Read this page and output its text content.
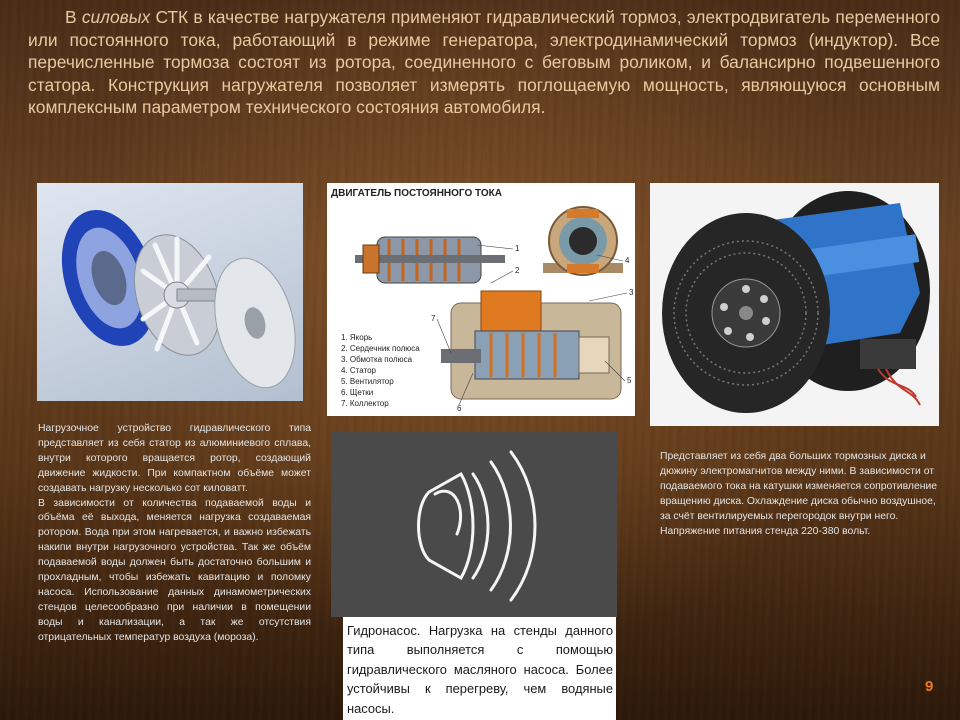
В силовых СТК в качестве нагружателя применяют гидравлический тормоз, электродвигатель переменного или постоянного тока, работающий в режиме генератора, электродинамический тормоз (индуктор). Все перечисленные тормоза состоят из ротора, соединенного с беговым роликом, и балансирно подвешенного статора. Конструкция нагружателя позволяет измерять поглощаемую мощность, являющуюся основным комплексным параметром технического состояния автомобиля.

ДВИГАТЕЛЬ ПОСТОЯННОГО ТОКА
1. Якорь
2. Сердечник полюса
3. Обмотка полюса
4. Статор
5. Вентилятор
6. Щетки
7. Коллектор
1
2
3
4
5
6
7

Нагрузочное устройство гидравлического типа представляет из себя статор из алюминиевого сплава, внутри которого вращается ротор, создающий движение жидкости. При компактном объёме может создавать нагрузку несколько сот киловатт.

В зависимости от количества подаваемой воды и объёма её выхода, меняется нагрузка создаваемая ротором. Вода при этом нагревается, и важно избежать накипи внутри нагрузочного устройства. Так же объём подаваемой воды должен быть достаточно большим и прохладным, чтобы избежать кавитацию и поломку насоса. Использование данных динамометрических стендов целесообразно при наличии в помещении воды и канализации, а так же отсутствия отрицательных температур воздуха (мороза).

Представляет из себя два больших тормозных диска и дюжину электромагнитов между ними. В зависимости от подаваемого тока на катушки изменяется сопротивление вращению диска. Охлаждение диска обычно воздушное, за счёт вентилируемых перегородок внутри него. Напряжение питания стенда 220-380 вольт.

Гидронасос. Нагрузка на стенды данного типа выполняется с помощью гидравлического масляного насоса. Более устойчивы к перегреву, чем водяные насосы.
9
